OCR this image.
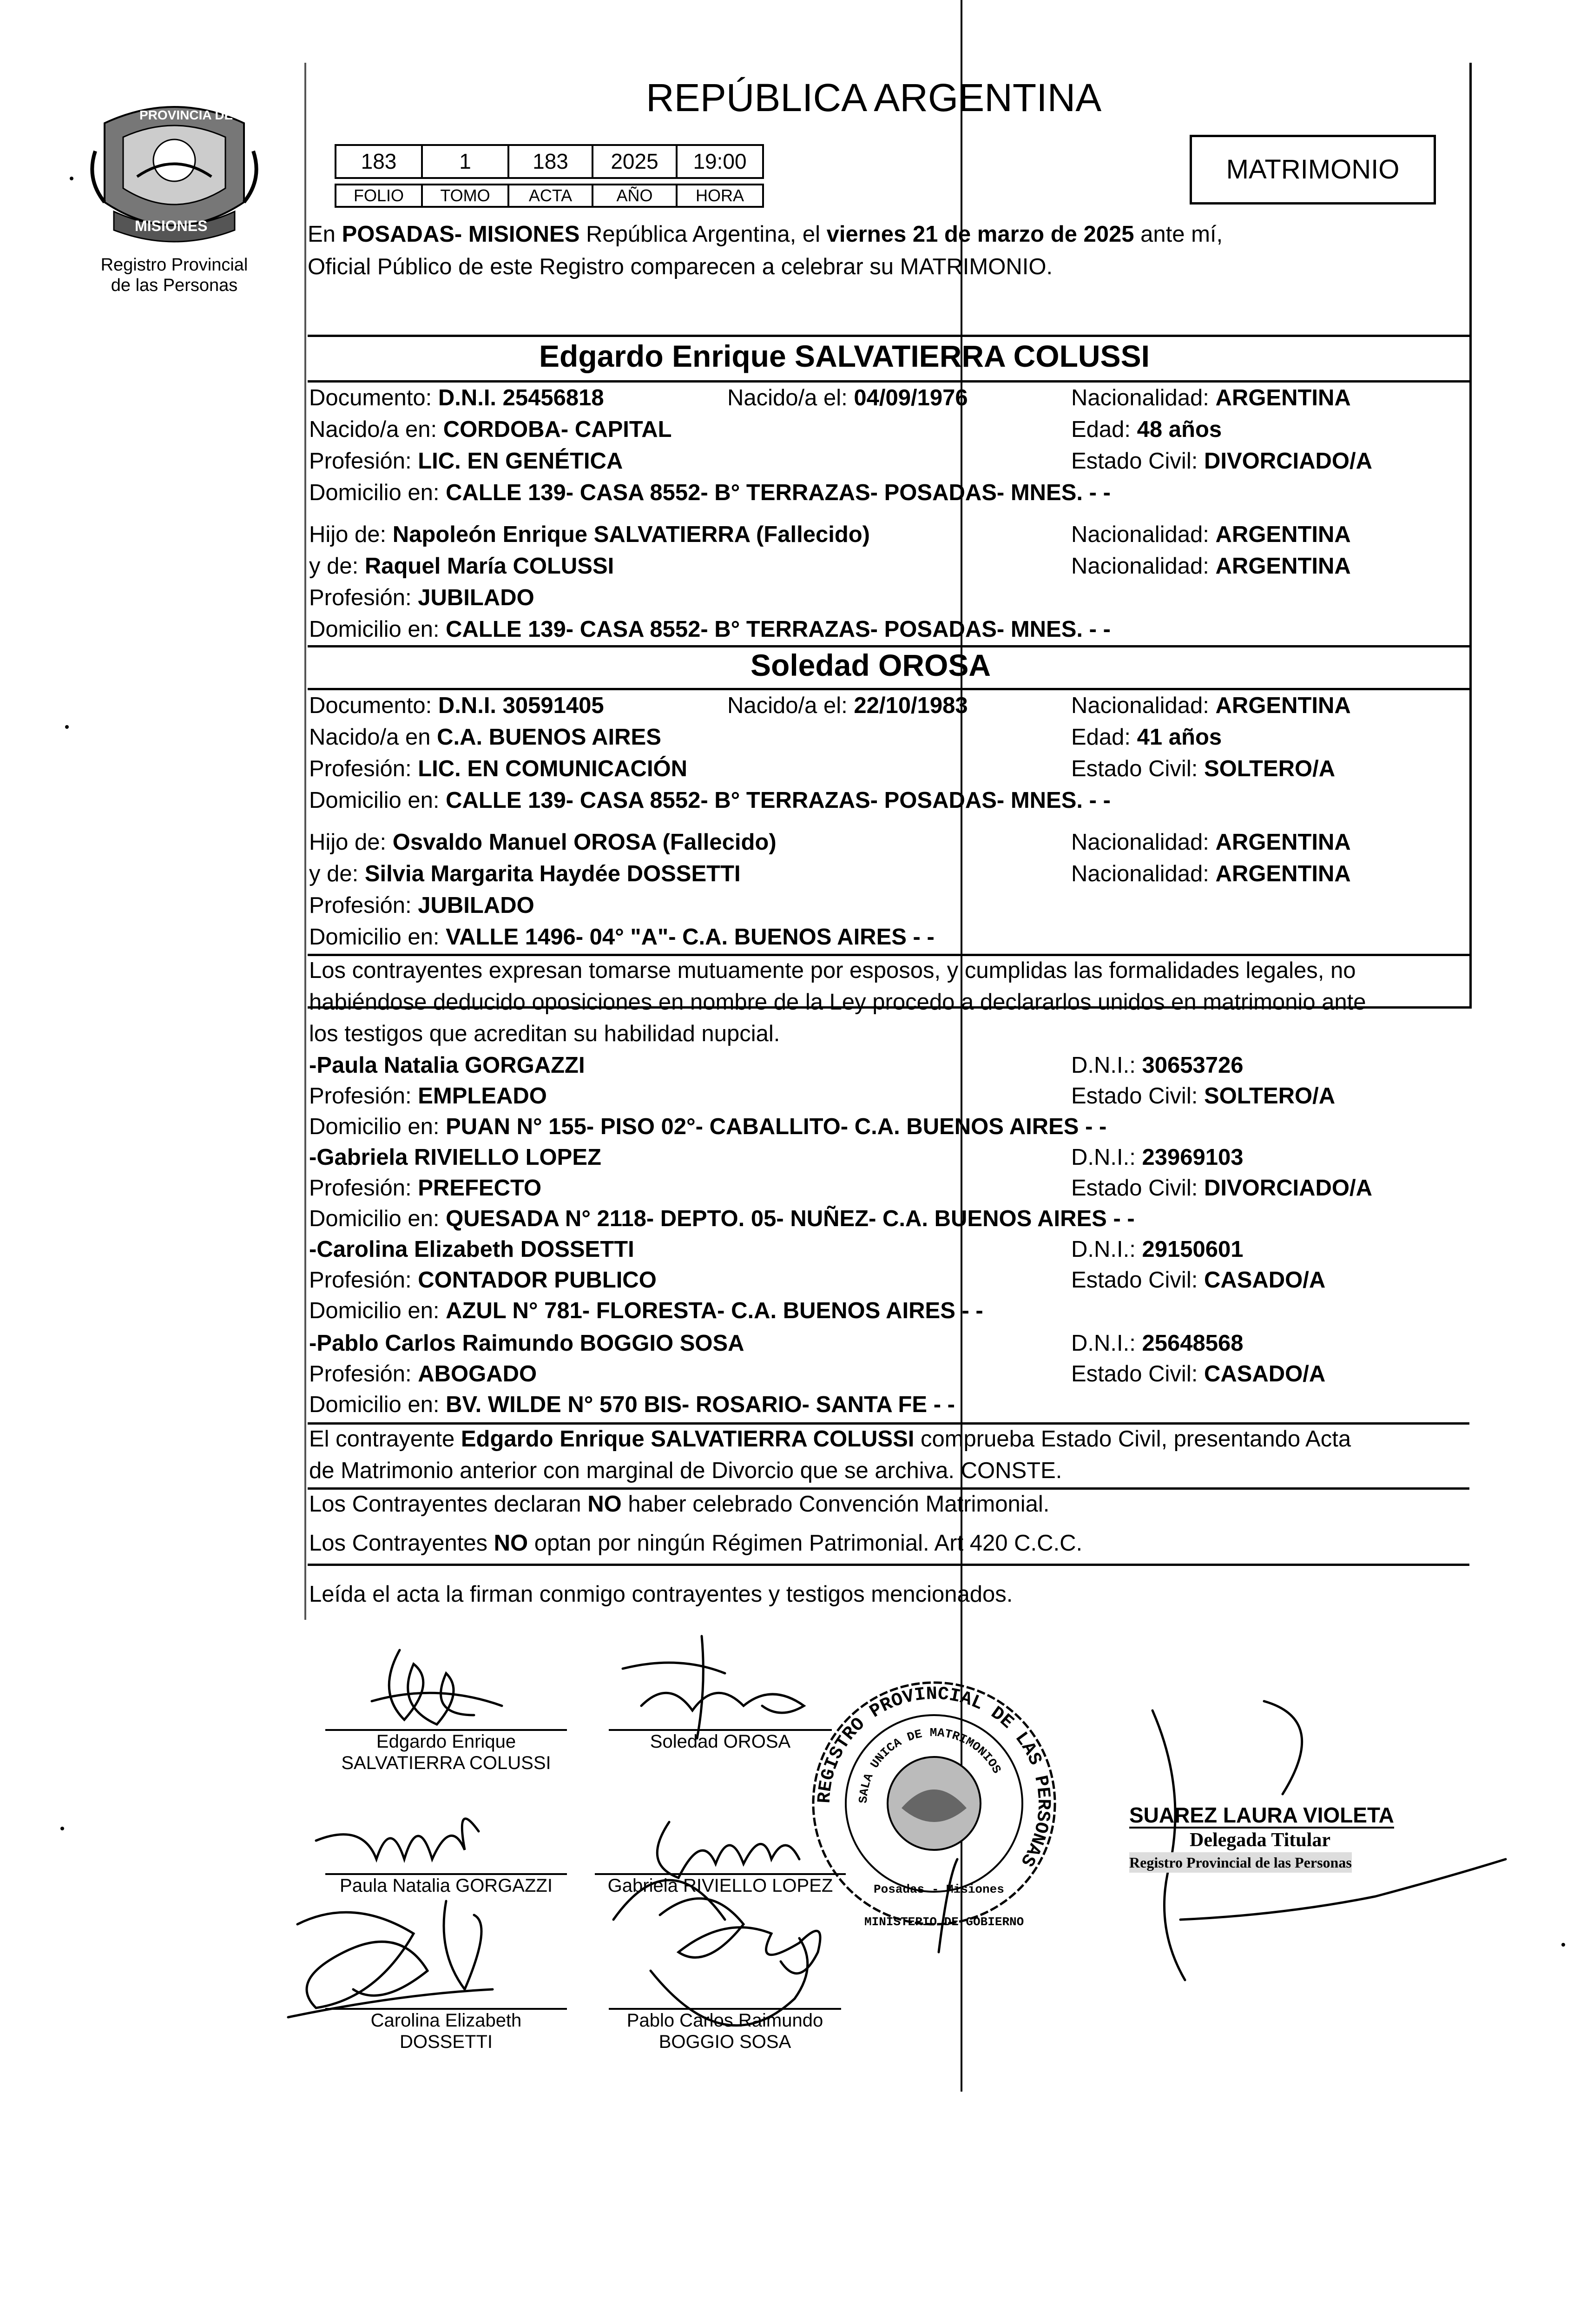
PROVINCIA DE
MISIONES
Registro Provincial
de las Personas
REPÚBLICA ARGENTINA
183	1	183	2025	19:00
FOLIO	TOMO	ACTA	AÑO	HORA
MATRIMONIO
En POSADAS- MISIONES República Argentina, el viernes 21 de marzo de 2025 ante mí,
Oficial Público de este Registro comparecen a celebrar su MATRIMONIO.
Edgardo Enrique SALVATIERRA COLUSSI
Documento: D.N.I. 25456818	Nacido/a el: 04/09/1976	Nacionalidad: ARGENTINA
Nacido/a en: CORDOBA- CAPITAL	Edad: 48 años
Profesión: LIC. EN GENÉTICA	Estado Civil: DIVORCIADO/A
Domicilio en: CALLE 139- CASA 8552- B° TERRAZAS- POSADAS- MNES. - -
Hijo de: Napoleón Enrique SALVATIERRA (Fallecido)	Nacionalidad: ARGENTINA
y de: Raquel María COLUSSI	Nacionalidad: ARGENTINA
Profesión: JUBILADO
Domicilio en: CALLE 139- CASA 8552- B° TERRAZAS- POSADAS- MNES. - -
Soledad OROSA
Documento: D.N.I. 30591405	Nacido/a el: 22/10/1983	Nacionalidad: ARGENTINA
Nacido/a en C.A. BUENOS AIRES	Edad: 41 años
Profesión: LIC. EN COMUNICACIÓN	Estado Civil: SOLTERO/A
Domicilio en: CALLE 139- CASA 8552- B° TERRAZAS- POSADAS- MNES. - -
Hijo de: Osvaldo Manuel OROSA (Fallecido)	Nacionalidad: ARGENTINA
y de: Silvia Margarita Haydée DOSSETTI	Nacionalidad: ARGENTINA
Profesión: JUBILADO
Domicilio en: VALLE 1496- 04° "A"- C.A. BUENOS AIRES - -
Los contrayentes expresan tomarse mutuamente por esposos, y cumplidas las formalidades legales, no
habiéndose deducido oposiciones en nombre de la Ley procedo a declararlos unidos en matrimonio ante
los testigos que acreditan su habilidad nupcial.
-Paula Natalia GORGAZZI	D.N.I.: 30653726
Profesión: EMPLEADO	Estado Civil: SOLTERO/A
Domicilio en: PUAN N° 155- PISO 02°- CABALLITO- C.A. BUENOS AIRES - -
-Gabriela RIVIELLO LOPEZ	D.N.I.: 23969103
Profesión: PREFECTO	Estado Civil: DIVORCIADO/A
Domicilio en: QUESADA N° 2118- DEPTO. 05- NUÑEZ- C.A. BUENOS AIRES - -
-Carolina Elizabeth DOSSETTI	D.N.I.: 29150601
Profesión: CONTADOR PUBLICO	Estado Civil: CASADO/A
Domicilio en: AZUL N° 781- FLORESTA- C.A. BUENOS AIRES - -
-Pablo Carlos Raimundo BOGGIO SOSA	D.N.I.: 25648568
Profesión: ABOGADO	Estado Civil: CASADO/A
Domicilio en: BV. WILDE N° 570 BIS- ROSARIO- SANTA FE - -
El contrayente Edgardo Enrique SALVATIERRA COLUSSI comprueba Estado Civil, presentando Acta
de Matrimonio anterior con marginal de Divorcio que se archiva. CONSTE.
Los Contrayentes declaran NO haber celebrado Convención Matrimonial.
Los Contrayentes NO optan por ningún Régimen Patrimonial. Art 420 C.C.C.
Leída el acta la firman conmigo contrayentes y testigos mencionados.
Edgardo Enrique
SALVATIERRA COLUSSI
Soledad OROSA
Paula Natalia GORGAZZI	Gabriela RIVIELLO LOPEZ
Carolina Elizabeth
DOSSETTI
Pablo Carlos Raimundo
BOGGIO SOSA
REGISTRO PROVINCIAL DE LAS PERSONAS
SALA UNICA DE MATRIMONIOS
Posadas - Misiones
MINISTERIO DE GOBIERNO
SUAREZ LAURA VIOLETA
Delegada Titular
Registro Provincial de las Personas
